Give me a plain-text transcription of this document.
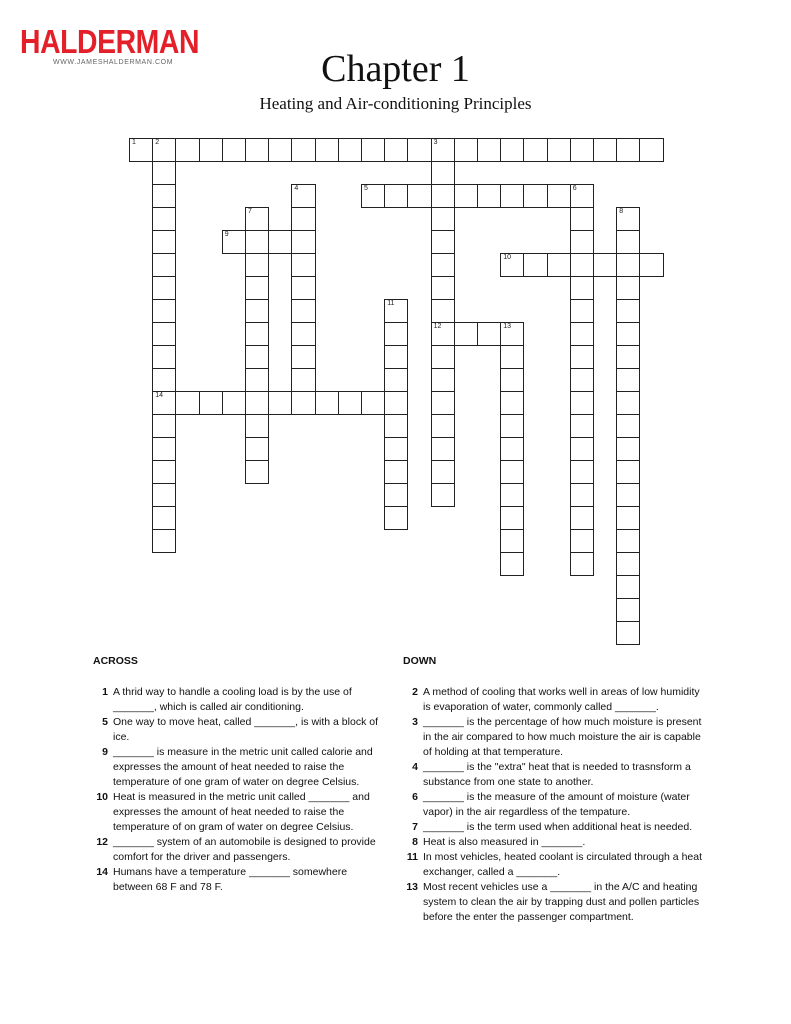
HALDERMAN
WWW.JAMESHALDERMAN.COM	Chapter 1
Heating and Air-conditioning Principles
1	2	3
14
12
4	5	6
7	8
9
10
11
13
ACROSS
1 A thrid way to handle a cooling load is by the use of _______, which is called air conditioning.
5 One way to move heat, called _______, is with a block of ice.
9 _______ is measure in the metric unit called calorie and expresses the amount of heat needed to raise the temperature of one gram of water on degree Celsius.
10 Heat is measured in the metric unit called _______ and expresses the amount of heat needed to raise the temperature of on gram of water on degree Celsius.
12 _______ system of an automobile is designed to provide comfort for the driver and passengers.
14 Humans have a temperature _______ somewhere between 68 F and 78 F.
DOWN
2 A method of cooling that works well in areas of low humidity is evaporation of water, commonly called _______.
3 _______ is the percentage of how much moisture is present in the air compared to how much moisture the air is capable of holding at that temperature.
4 _______ is the "extra" heat that is needed to trasnsform a substance from one state to another.
6 _______ is the measure of the amount of moisture (water vapor) in the air regardless of the tempature.
7 _______ is the term used when additional heat is needed.
8 Heat is also measured in _______.
11 In most vehicles, heated coolant is circulated through a heat exchanger, called a _______.
13 Most recent vehicles use a _______ in the A/C and heating system to clean the air by trapping dust and pollen particles before the enter the passenger compartment.
